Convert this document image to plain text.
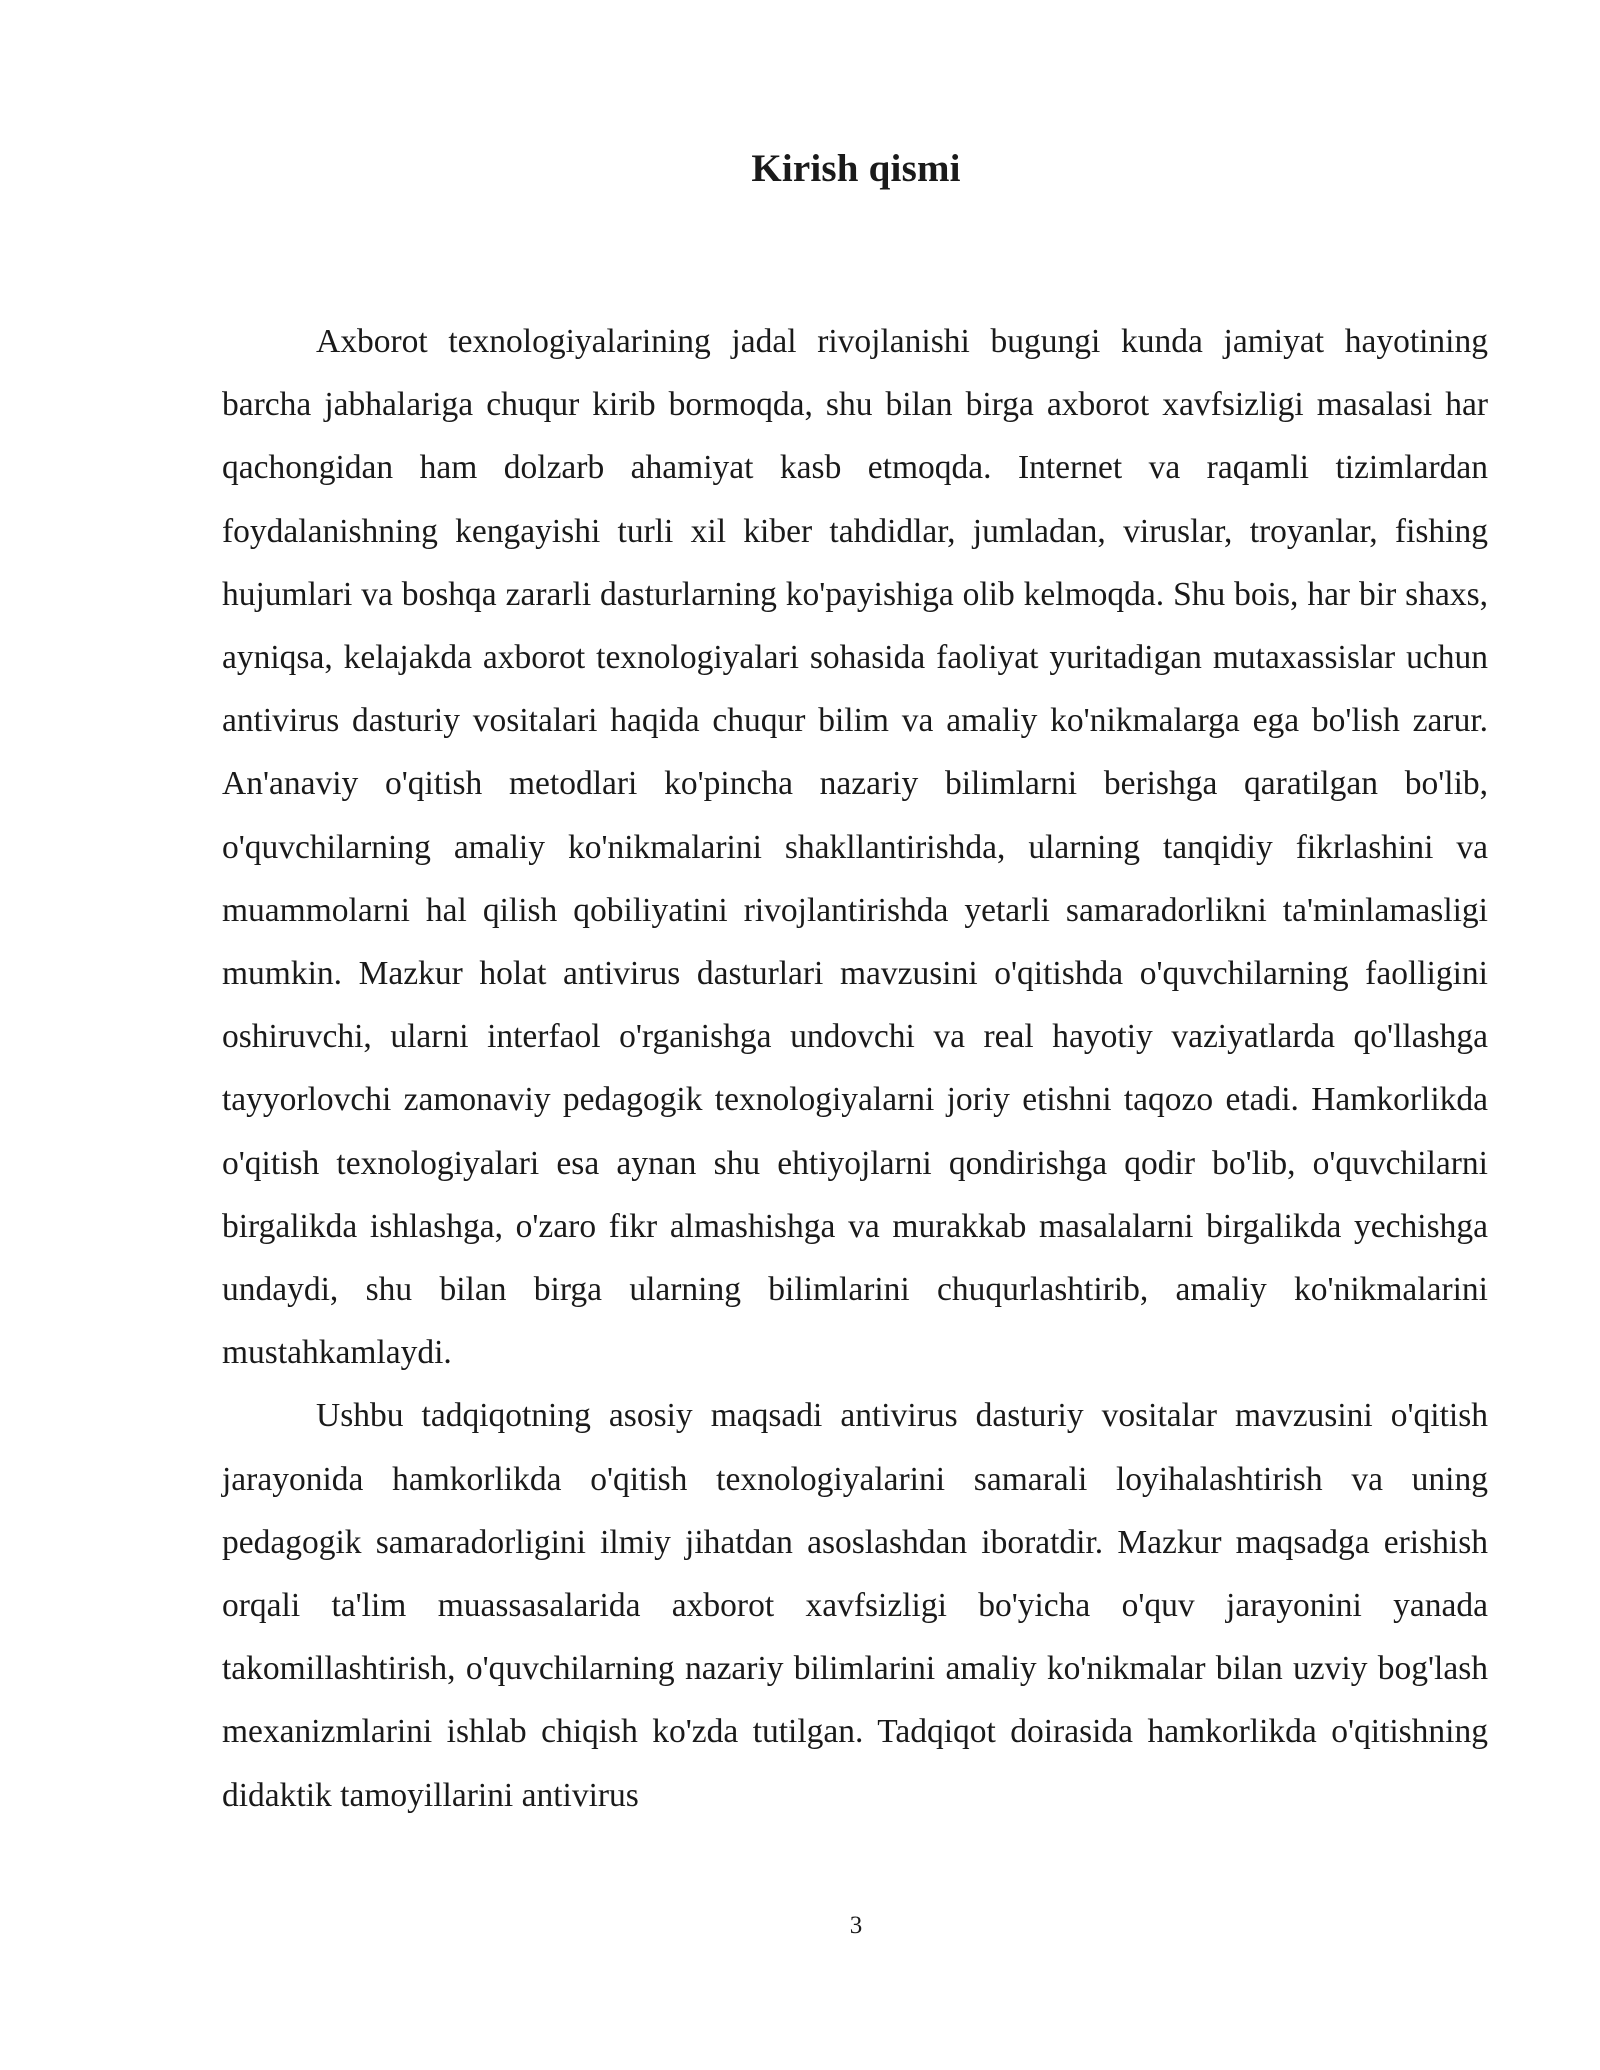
Kirish qismi

Axborot texnologiyalarining jadal rivojlanishi bugungi kunda jamiyat hayotining barcha jabhalariga chuqur kirib bormoqda, shu bilan birga axborot xavfsizligi masalasi har qachongidan ham dolzarb ahamiyat kasb etmoqda. Internet va raqamli tizimlardan foydalanishning kengayishi turli xil kiber tahdidlar, jumladan, viruslar, troyanlar, fishing hujumlari va boshqa zararli dasturlarning ko'payishiga olib kelmoqda. Shu bois, har bir shaxs, ayniqsa, kelajakda axborot texnologiyalari sohasida faoliyat yuritadigan mutaxassislar uchun antivirus dasturiy vositalari haqida chuqur bilim va amaliy ko'nikmalarga ega bo'lish zarur. An'anaviy o'qitish metodlari ko'pincha nazariy bilimlarni berishga qaratilgan bo'lib, o'quvchilarning amaliy ko'nikmalarini shakllantirishda, ularning tanqidiy fikrlashini va muammolarni hal qilish qobiliyatini rivojlantirishda yetarli samaradorlikni ta'minlamasligi mumkin. Mazkur holat antivirus dasturlari mavzusini o'qitishda o'quvchilarning faolligini oshiruvchi, ularni interfaol o'rganishga undovchi va real hayotiy vaziyatlarda qo'llashga tayyorlovchi zamonaviy pedagogik texnologiyalarni joriy etishni taqozo etadi. Hamkorlikda o'qitish texnologiyalari esa aynan shu ehtiyojlarni qondirishga qodir bo'lib, o'quvchilarni birgalikda ishlashga, o'zaro fikr almashishga va murakkab masalalarni birgalikda yechishga undaydi, shu bilan birga ularning bilimlarini chuqurlashtirib, amaliy ko'nikmalarini mustahkamlaydi.

Ushbu tadqiqotning asosiy maqsadi antivirus dasturiy vositalar mavzusini o'qitish jarayonida hamkorlikda o'qitish texnologiyalarini samarali loyihalashtirish va uning pedagogik samaradorligini ilmiy jihatdan asoslashdan iboratdir. Mazkur maqsadga erishish orqali ta'lim muassasalarida axborot xavfsizligi bo'yicha o'quv jarayonini yanada takomillashtirish, o'quvchilarning nazariy bilimlarini amaliy ko'nikmalar bilan uzviy bog'lash mexanizmlarini ishlab chiqish ko'zda tutilgan. Tadqiqot doirasida hamkorlikda o'qitishning didaktik tamoyillarini antivirus

3
